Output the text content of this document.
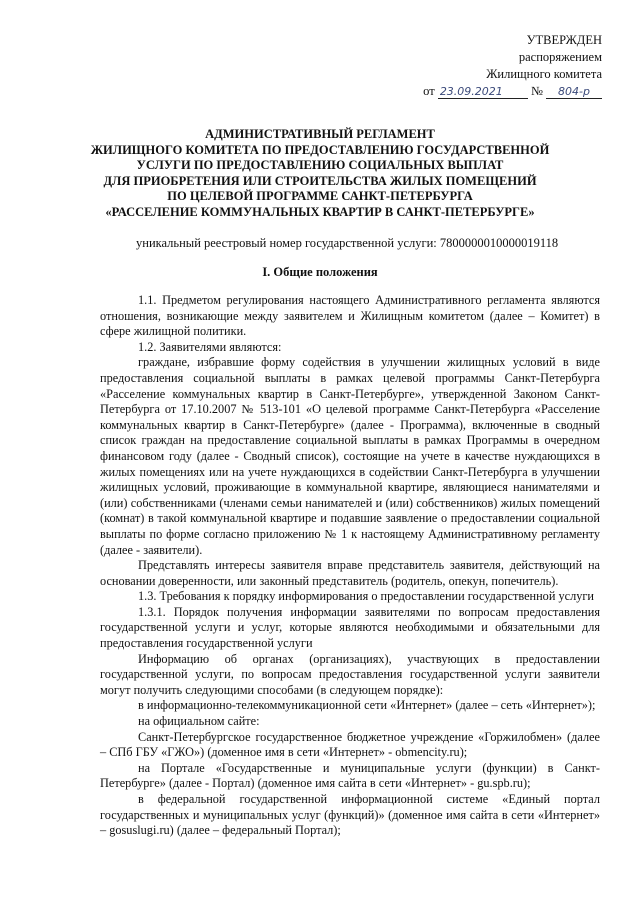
УТВЕРЖДЕН
распоряжением
Жилищного комитета
от 23.09.2021 № 804-р
АДМИНИСТРАТИВНЫЙ РЕГЛАМЕНТ
ЖИЛИЩНОГО КОМИТЕТА ПО ПРЕДОСТАВЛЕНИЮ ГОСУДАРСТВЕННОЙ
УСЛУГИ ПО ПРЕДОСТАВЛЕНИЮ СОЦИАЛЬНЫХ ВЫПЛАТ
ДЛЯ ПРИОБРЕТЕНИЯ ИЛИ СТРОИТЕЛЬСТВА ЖИЛЫХ ПОМЕЩЕНИЙ
ПО ЦЕЛЕВОЙ ПРОГРАММЕ САНКТ-ПЕТЕРБУРГА
«РАССЕЛЕНИЕ КОММУНАЛЬНЫХ КВАРТИР В САНКТ-ПЕТЕРБУРГЕ»
уникальный реестровый номер государственной услуги: 7800000010000019118
I. Общие положения

1.1. Предметом регулирования настоящего Административного регламента являются отношения, возникающие между заявителем и Жилищным комитетом (далее – Комитет) в сфере жилищной политики.

1.2. Заявителями являются:

граждане, избравшие форму содействия в улучшении жилищных условий в виде предоставления социальной выплаты в рамках целевой программы Санкт-Петербурга «Расселение коммунальных квартир в Санкт-Петербурге», утвержденной Законом Санкт-Петербурга от 17.10.2007 № 513-101 «О целевой программе Санкт-Петербурга «Расселение коммунальных квартир в Санкт-Петербурге» (далее - Программа), включенные в сводный список граждан на предоставление социальной выплаты в рамках Программы в очередном финансовом году (далее - Сводный список), состоящие на учете в качестве нуждающихся в жилых помещениях или на учете нуждающихся в содействии Санкт-Петербурга в улучшении жилищных условий, проживающие в коммунальной квартире, являющиеся нанимателями и (или) собственниками (членами семьи нанимателей и (или) собственников) жилых помещений (комнат) в такой коммунальной квартире и подавшие заявление о предоставлении социальной выплаты по форме согласно приложению № 1 к настоящему Административному регламенту (далее - заявители).

Представлять интересы заявителя вправе представитель заявителя, действующий на основании доверенности, или законный представитель (родитель, опекун, попечитель).

1.3. Требования к порядку информирования о предоставлении государственной услуги

1.3.1. Порядок получения информации заявителями по вопросам предоставления государственной услуги и услуг, которые являются необходимыми и обязательными для предоставления государственной услуги

Информацию об органах (организациях), участвующих в предоставлении государственной услуги, по вопросам предоставления государственной услуги заявители могут получить следующими способами (в следующем порядке):

в информационно-телекоммуникационной сети «Интернет» (далее – сеть «Интернет»);

на официальном сайте:

Санкт-Петербургское государственное бюджетное учреждение «Горжилобмен» (далее – СПб ГБУ «ГЖО») (доменное имя в сети «Интернет» - obmencity.ru);

на Портале «Государственные и муниципальные услуги (функции) в Санкт-Петербурге» (далее - Портал) (доменное имя сайта в сети «Интернет» - gu.spb.ru);

в федеральной государственной информационной системе «Единый портал государственных и муниципальных услуг (функций)» (доменное имя сайта в сети «Интернет» – gosuslugi.ru) (далее – федеральный Портал);
